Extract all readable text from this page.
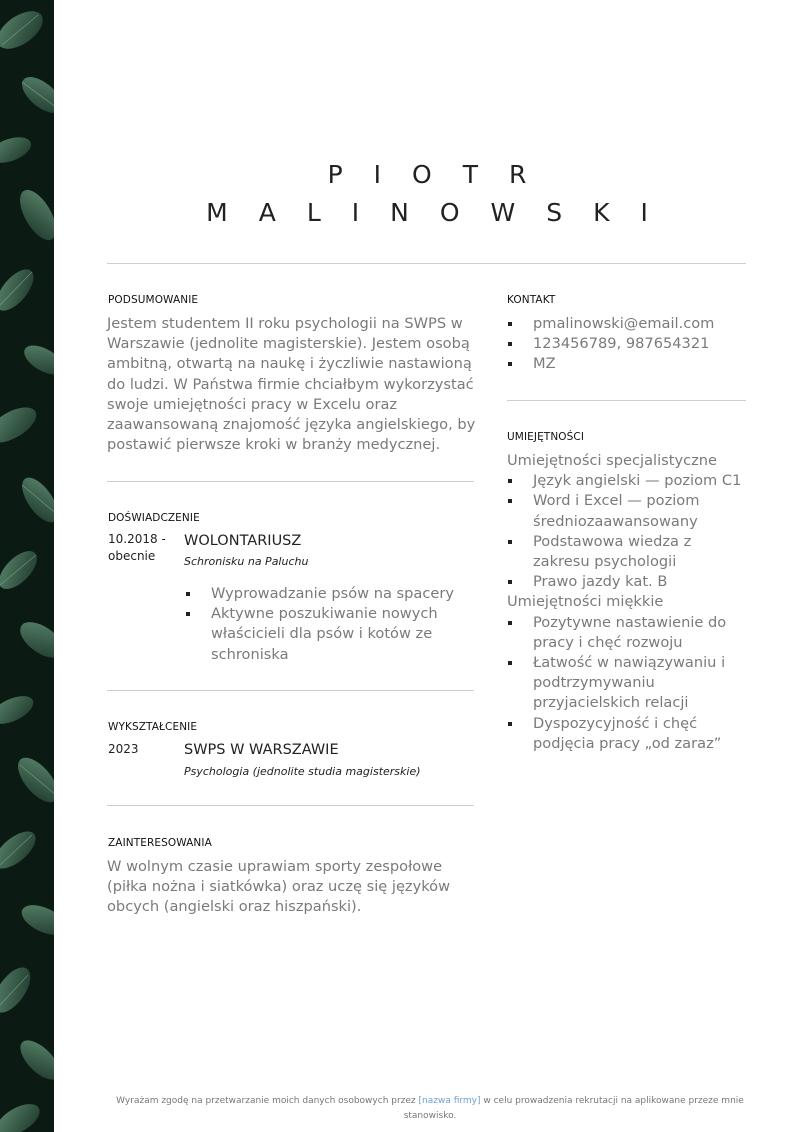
PIOTR
MALINOWSKI
PODSUMOWANIE
Jestem studentem II roku psychologii na SWPS w Warszawie (jednolite magisterskie). Jestem osobą ambitną, otwartą na naukę i życzliwie nastawioną do ludzi. W Państwa firmie chciałbym wykorzystać swoje umiejętności pracy w Excelu oraz zaawansowaną znajomość języka angielskiego, by postawić pierwsze kroki w branży medycznej.
DOŚWIADCZENIE
10.2018 - obecnie
WOLONTARIUSZ
Schronisku na Paluchu
Wyprowadzanie psów na spacery
Aktywne poszukiwanie nowych właścicieli dla psów i kotów ze schroniska
WYKSZTAŁCENIE
2023	SWPS W WARSZAWIE
Psychologia (jednolite studia magisterskie)
ZAINTERESOWANIA
W wolnym czasie uprawiam sporty zespołowe (piłka nożna i siatkówka) oraz uczę się języków obcych (angielski oraz hiszpański).
KONTAKT
pmalinowski@email.com
123456789, 987654321
MZ
UMIEJĘTNOŚCI
Umiejętności specjalistyczne
Język angielski — poziom C1
Word i Excel — poziom średniozaawansowany
Podstawowa wiedza z zakresu psychologii
Prawo jazdy kat. B
Umiejętności miękkie
Pozytywne nastawienie do pracy i chęć rozwoju
Łatwość w nawiązywaniu i podtrzymywaniu przyjacielskich relacji
Dyspozycyjność i chęć podjęcia pracy „od zaraz”
Wyrażam zgodę na przetwarzanie moich danych osobowych przez [nazwa firmy] w celu prowadzenia rekrutacji na aplikowane przeze mnie stanowisko.
